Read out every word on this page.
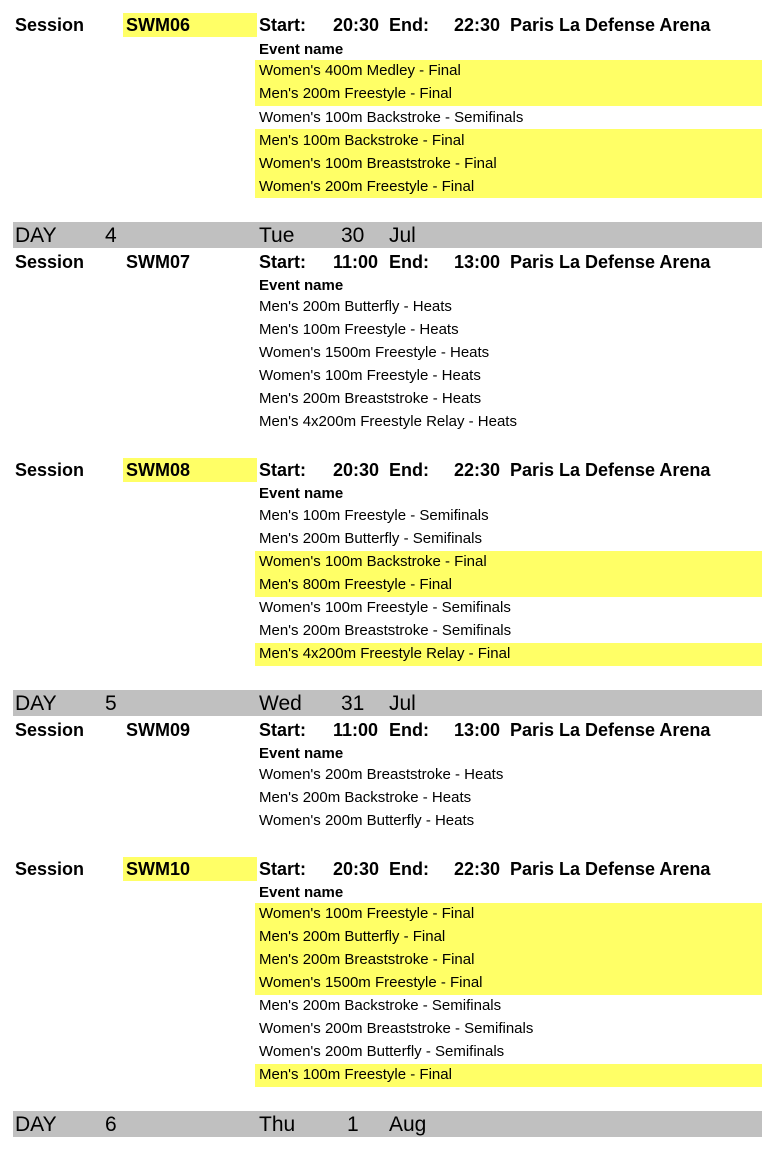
Session SWM06	Start: 20:30 End: 22:30 Paris La Defense Arena
Event name
Women's 400m Medley - Final
Men's 200m Freestyle - Final
Women's 100m Backstroke - Semifinals
Men's 100m Backstroke - Final
Women's 100m Breaststroke - Final
Women's 200m Freestyle - Final
DAY 4	Tue 30 Jul
Session SWM07	Start: 11:00 End: 13:00 Paris La Defense Arena
Event name
Men's 200m Butterfly - Heats
Men's 100m Freestyle - Heats
Women's 1500m Freestyle - Heats
Women's 100m Freestyle - Heats
Men's 200m Breaststroke - Heats
Men's 4x200m Freestyle Relay - Heats
Session SWM08	Start: 20:30 End: 22:30 Paris La Defense Arena
Event name
Men's 100m Freestyle - Semifinals
Men's 200m Butterfly - Semifinals
Women's 100m Backstroke - Final
Men's 800m Freestyle - Final
Women's 100m Freestyle - Semifinals
Men's 200m Breaststroke - Semifinals
Men's 4x200m Freestyle Relay - Final
DAY 5	Wed 31 Jul
Session SWM09	Start: 11:00 End: 13:00 Paris La Defense Arena
Event name
Women's 200m Breaststroke - Heats
Men's 200m Backstroke - Heats
Women's 200m Butterfly - Heats
Session SWM10	Start: 20:30 End: 22:30 Paris La Defense Arena
Event name
Women's 100m Freestyle - Final
Men's 200m Butterfly - Final
Men's 200m Breaststroke - Final
Women's 1500m Freestyle - Final
Men's 200m Backstroke - Semifinals
Women's 200m Breaststroke - Semifinals
Women's 200m Butterfly - Semifinals
Men's 100m Freestyle - Final
DAY 6	Thu 1 Aug
